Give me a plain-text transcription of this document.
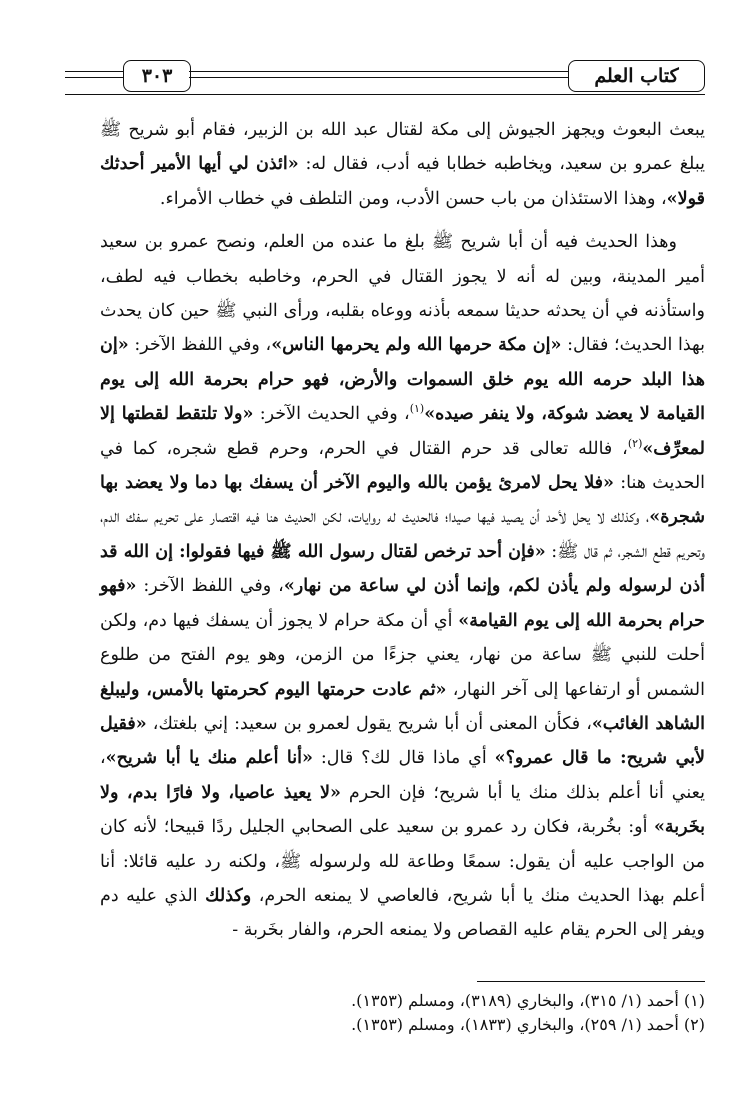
٣٠٣	كتاب العلم

يبعث البعوث ويجهز الجيوش إلى مكة لقتال عبد الله بن الزبير، فقام أبو شريح ﷺ يبلغ عمرو بن سعيد، ويخاطبه خطابا فيه أدب، فقال له: «ائذن لي أيها الأمير أحدثك قولا»، وهذا الاستئذان من باب حسن الأدب، ومن التلطف في خطاب الأمراء.

وهذا الحديث فيه أن أبا شريح ﷺ بلغ ما عنده من العلم، ونصح عمرو بن سعيد أمير المدينة، وبين له أنه لا يجوز القتال في الحرم، وخاطبه بخطاب فيه لطف، واستأذنه في أن يحدثه حديثا سمعه بأذنه ووعاه بقلبه، ورأى النبي ﷺ حين كان يحدث بهذا الحديث؛ فقال: «إن مكة حرمها الله ولم يحرمها الناس»، وفي اللفظ الآخر: «إن هذا البلد حرمه الله يوم خلق السموات والأرض، فهو حرام بحرمة الله إلى يوم القيامة لا يعضد شوكة، ولا ينفر صيده»$^{(١)}$، وفي الحديث الآخر: «ولا تلتقط لقطتها إلا لمعرِّف»$^{(٢)}$، فالله تعالى قد حرم القتال في الحرم، وحرم قطع شجره، كما في الحديث هنا: «فلا يحل لامرئ يؤمن بالله واليوم الآخر أن يسفك بها دما ولا يعضد بها شجرة»، وكذلك لا يحل لأحد أن يصيد فيها صيدا؛ فالحديث له روايات، لكن الحديث هنا فيه اقتصار على تحريم سفك الدم، وتحريم قطع الشجر، ثم قال ﷺ: «فإن أحد ترخص لقتال رسول الله ﷺ فيها فقولوا: إن الله قد أذن لرسوله ولم يأذن لكم، وإنما أذن لي ساعة من نهار»، وفي اللفظ الآخر: «فهو حرام بحرمة الله إلى يوم القيامة» أي أن مكة حرام لا يجوز أن يسفك فيها دم، ولكن أحلت للنبي ﷺ ساعة من نهار، يعني جزءًا من الزمن، وهو يوم الفتح من طلوع الشمس أو ارتفاعها إلى آخر النهار، «ثم عادت حرمتها اليوم كحرمتها بالأمس، وليبلغ الشاهد الغائب»، فكأن المعنى أن أبا شريح يقول لعمرو بن سعيد: إني بلغتك، «فقيل لأبي شريح: ما قال عمرو؟» أي ماذا قال لك؟ قال: «أنا أعلم منك يا أبا شريح»، يعني أنا أعلم بذلك منك يا أبا شريح؛ فإن الحرم «لا يعيذ عاصيا، ولا فارًا بدم، ولا بخَربة» أو: بخُربة، فكان رد عمرو بن سعيد على الصحابي الجليل ردًا قبيحا؛ لأنه كان من الواجب عليه أن يقول: سمعًا وطاعة لله ولرسوله ﷺ، ولكنه رد عليه قائلا: أنا أعلم بهذا الحديث منك يا أبا شريح، فالعاصي لا يمنعه الحرم، وكذلك الذي عليه دم ويفر إلى الحرم يقام عليه القصاص ولا يمنعه الحرم، والفار بخَربة -

(١) أحمد (١/ ٣١٥)، والبخاري (٣١٨٩)، ومسلم (١٣٥٣).
(٢) أحمد (١/ ٢٥٩)، والبخاري (١٨٣٣)، ومسلم (١٣٥٣).
